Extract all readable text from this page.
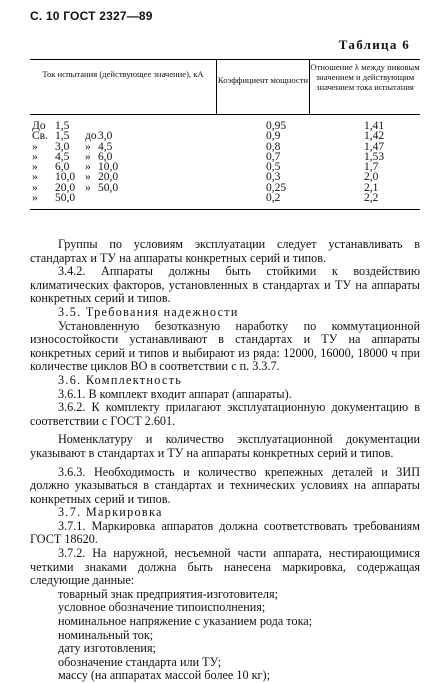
С. 10 ГОСТ 2327—89
Таблица 6
Ток испытания (действующее значение), кА
Коэффициент мощности
Отношение λ между пиковым значением и действующим значением тока испытания
До 1,5	0,95	1,41
Св. 1,5 до 3,0	0,9	1,42
» 3,0 » 4,5	0,8	1,47
» 4,5 » 6,0	0,7	1,53
» 6,0 » 10,0	0,5	1,7
» 10,0 » 20,0	0,3	2,0
» 20,0 » 50,0	0,25	2,1
» 50,0	0,2	2,2

Группы по условиям эксплуатации следует устанавливать в стандартах и ТУ на аппараты конкретных серий и типов.

3.4.2. Аппараты должны быть стойкими к воздействию климатических факторов, установленных в стандартах и ТУ на аппараты конкретных серий и типов.

3.5. Требования надежности

Установленную безотказную наработку по коммутационной износостойкости устанавливают в стандартах и ТУ на аппараты конкретных серий и типов и выбирают из ряда: 12000, 16000, 18000 ч при количестве циклов ВО в соответствии с п. 3.3.7.

3.6. Комплектность

3.6.1. В комплект входит аппарат (аппараты).

3.6.2. К комплекту прилагают эксплуатационную документацию в соответствии с ГОСТ 2.601.

Номенклатуру и количество эксплуатационной документации указывают в стандартах и ТУ на аппараты конкретных серий и типов.

3.6.3. Необходимость и количество крепежных деталей и ЗИП должно указываться в стандартах и технических условиях на аппараты конкретных серий и типов.

3.7. Маркировка

3.7.1. Маркировка аппаратов должна соответствовать требованиям ГОСТ 18620.

3.7.2. На наружной, несъемной части аппарата, нестирающимися четкими знаками должна быть нанесена маркировка, содержащая следующие данные:

товарный знак предприятия-изготовителя;

условное обозначение типоисполнения;

номинальное напряжение с указанием рода тока;

номинальный ток;

дату изготовления;

обозначение стандарта или ТУ;

массу (на аппаратах массой более 10 кг);
